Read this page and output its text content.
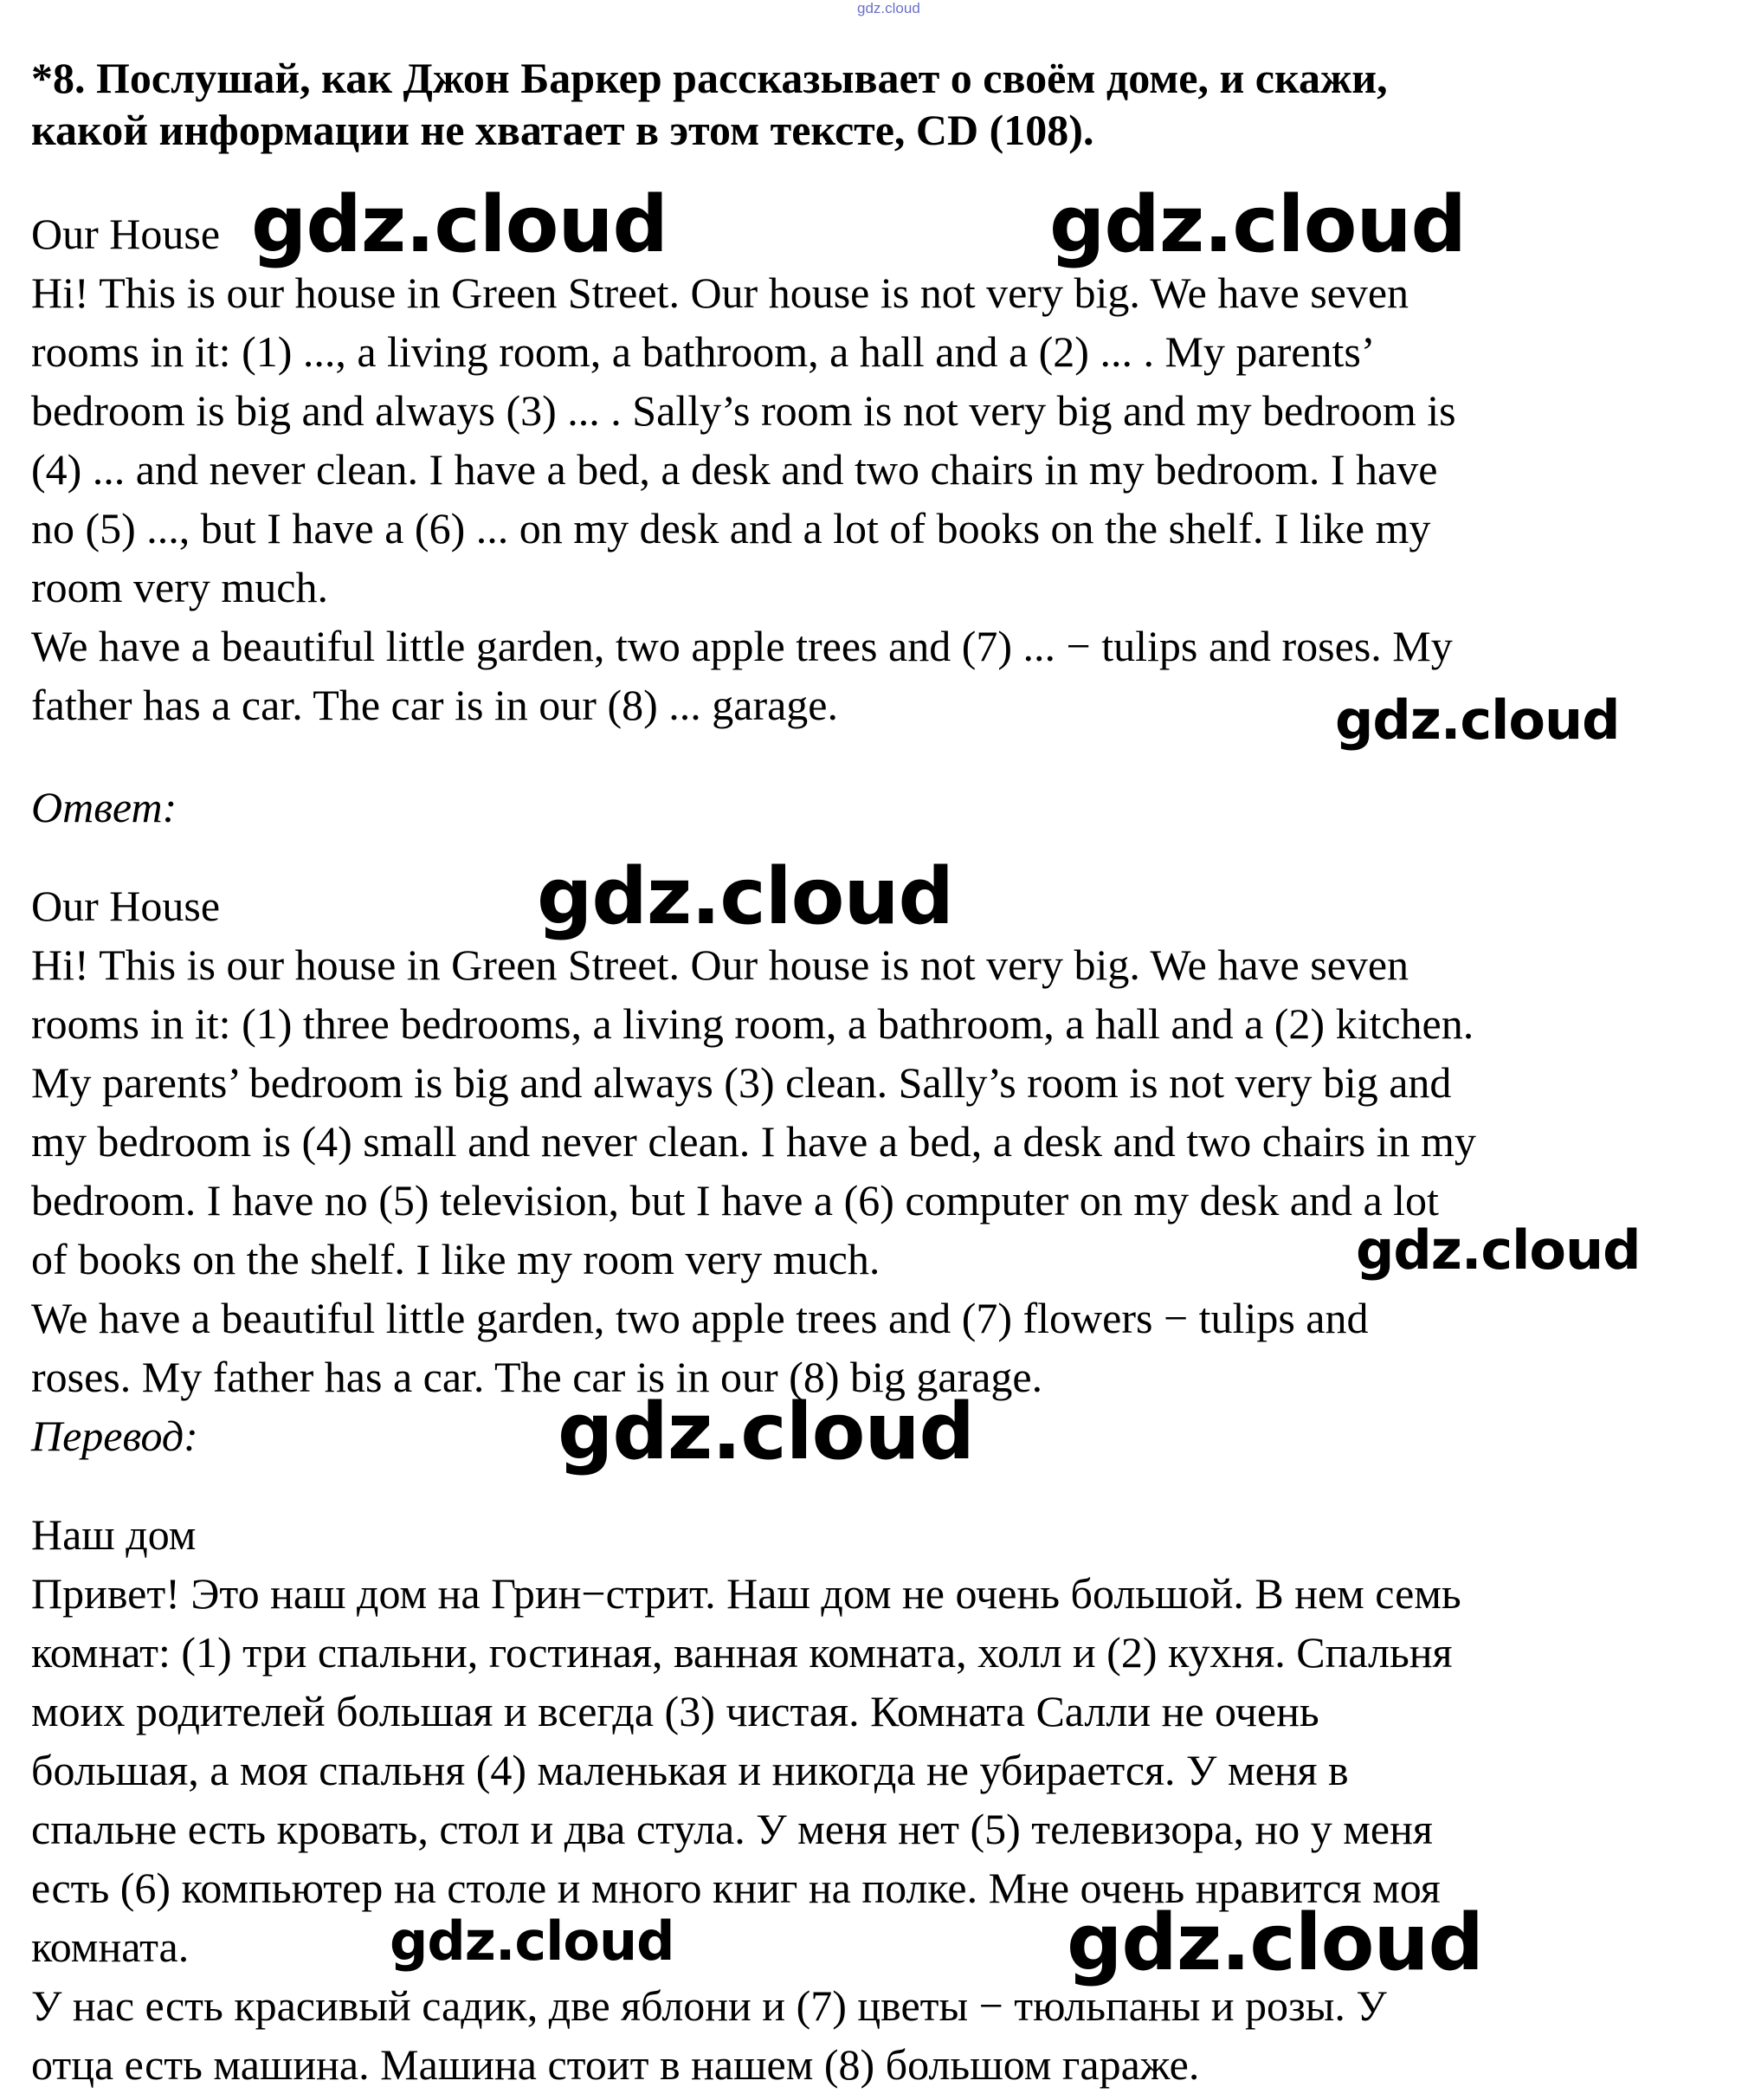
gdz.cloud
*8. Послушай, как Джон Баркер рассказывает о своём доме, и скажи,
какой информации не хватает в этом тексте, CD (108).

Our House

Hi! This is our house in Green Street. Our house is not very big. We have seven

rooms in it: (1) ..., a living room, a bathroom, a hall and a (2) ... . My parents’

bedroom is big and always (3) ... . Sally’s room is not very big and my bedroom is

(4) ... and never clean. I have a bed, a desk and two chairs in my bedroom. I have

no (5) ..., but I have a (6) ... on my desk and a lot of books on the shelf. I like my

room very much.

We have a beautiful little garden, two apple trees and (7) ... − tulips and roses. My

father has a car. The car is in our (8) ... garage.

Ответ:

Our House

Hi! This is our house in Green Street. Our house is not very big. We have seven

rooms in it: (1) three bedrooms, a living room, a bathroom, a hall and a (2) kitchen.

My parents’ bedroom is big and always (3) clean. Sally’s room is not very big and

my bedroom is (4) small and never clean. I have a bed, a desk and two chairs in my

bedroom. I have no (5) television, but I have a (6) computer on my desk and a lot

of books on the shelf. I like my room very much.

We have a beautiful little garden, two apple trees and (7) flowers − tulips and

roses. My father has a car. The car is in our (8) big garage.

Перевод:

Наш дом

Привет! Это наш дом на Грин−стрит. Наш дом не очень большой. В нем семь

комнат: (1) три спальни, гостиная, ванная комната, холл и (2) кухня. Спальня

моих родителей большая и всегда (3) чистая. Комната Салли не очень

большая, а моя спальня (4) маленькая и никогда не убирается. У меня в

спальне есть кровать, стол и два стула. У меня нет (5) телевизора, но у меня

есть (6) компьютер на столе и много книг на полке. Мне очень нравится моя

комната.

У нас есть красивый садик, две яблони и (7) цветы − тюльпаны и розы. У

отца есть машина. Машина стоит в нашем (8) большом гараже.

gdz.cloud	gdz.cloud
gdz.cloud
gdz.cloud
gdz.cloud
gdz.cloud
gdz.cloud	gdz.cloud
